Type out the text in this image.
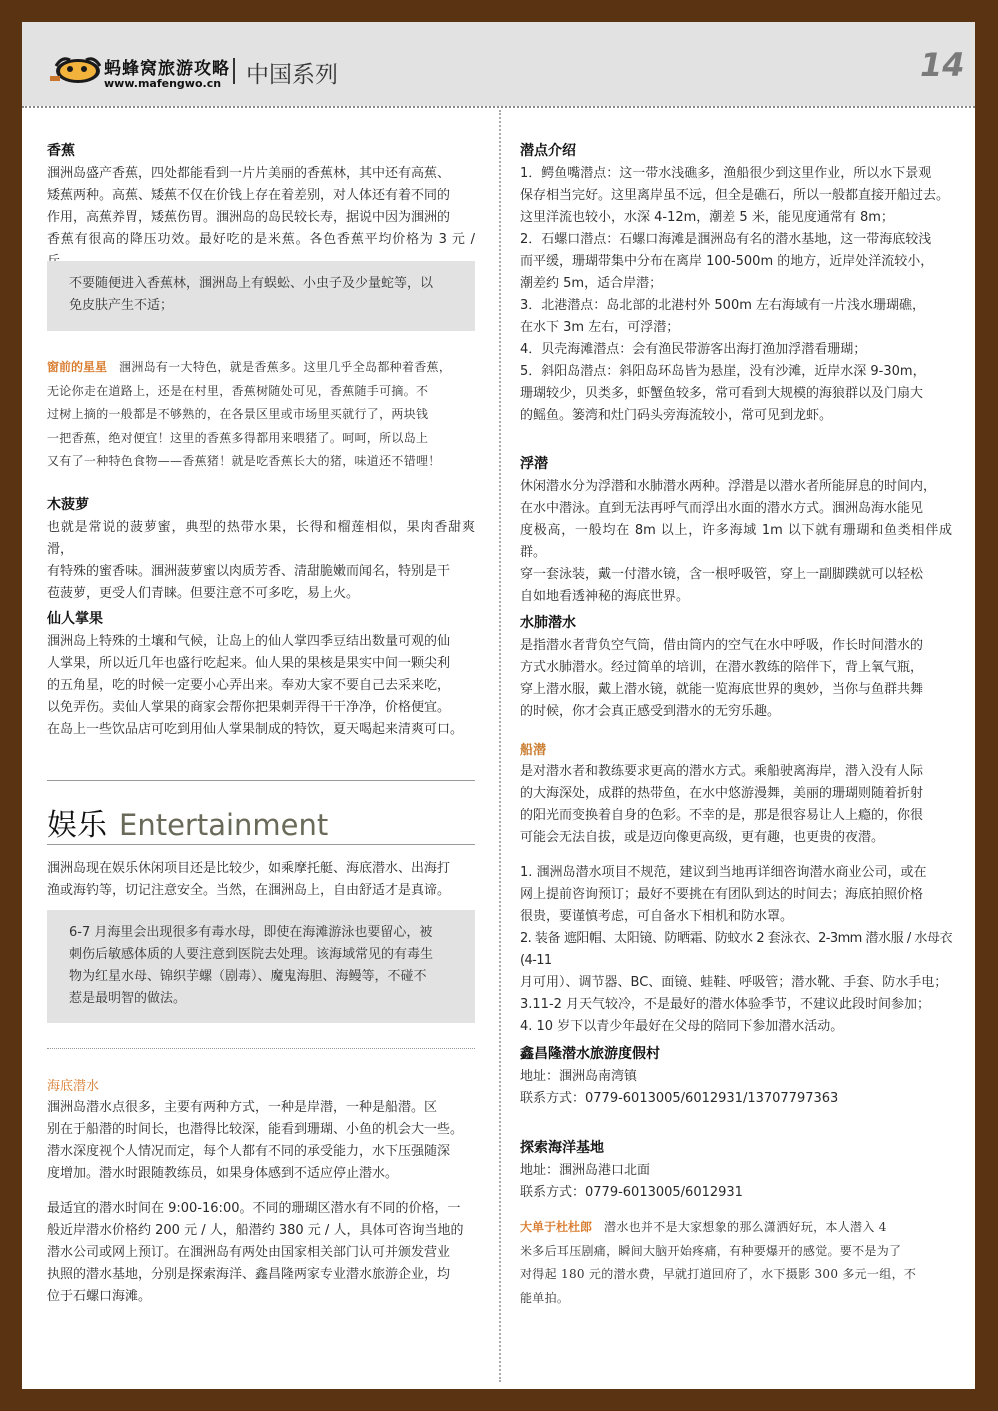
蚂蜂窝旅游攻略
www.mafengwo.cn 中国系列	14
香蕉
涠洲岛盛产香蕉，四处都能看到一片片美丽的香蕉林，其中还有高蕉、
矮蕉两种。高蕉、矮蕉不仅在价钱上存在着差别，对人体还有着不同的
作用，高蕉养胃，矮蕉伤胃。涠洲岛的岛民较长寿，据说中因为涠洲的
香蕉有很高的降压功效。最好吃的是米蕉。各色香蕉平均价格为 3 元 /
不要随便进入香蕉林，涠洲岛上有蜈蚣、小虫子及少量蛇等，以
免皮肤产生不适；
窗前的星星 涠洲岛有一大特色，就是香蕉多。这里几乎全岛都种着香蕉，
无论你走在道路上，还是在村里，香蕉树随处可见，香蕉随手可摘。不
过树上摘的一般都是不够熟的，在各景区里或市场里买就行了，两块钱
一把香蕉，绝对便宜！这里的香蕉多得都用来喂猪了。呵呵，所以岛上
又有了一种特色食物——香蕉猪！就是吃香蕉长大的猪，味道还不错哩！
木菠萝
也就是常说的菠萝蜜，典型的热带水果，长得和榴莲相似，果肉香甜爽滑，
有特殊的蜜香味。涠洲菠萝蜜以肉质芳香、清甜脆嫩而闻名，特别是干
苞菠萝，更受人们青睐。但要注意不可多吃，易上火。
仙人掌果
涠洲岛上特殊的土壤和气候，让岛上的仙人掌四季豆结出数量可观的仙
人掌果，所以近几年也盛行吃起来。仙人果的果核是果实中间一颗尖利
的五角星，吃的时候一定要小心弄出来。奉劝大家不要自己去采来吃，
以免弄伤。卖仙人掌果的商家会帮你把果刺弄得干干净净，价格便宜。
在岛上一些饮品店可吃到用仙人掌果制成的特饮，夏天喝起来清爽可口。
娱乐 Entertainment
涠洲岛现在娱乐休闲项目还是比较少，如乘摩托艇、海底潜水、出海打
渔或海钓等，切记注意安全。当然，在涠洲岛上，自由舒适才是真谛。
6-7 月海里会出现很多有毒水母，即使在海滩游泳也要留心，被
刺伤后敏感体质的人要注意到医院去处理。该海域常见的有毒生
物为红星水母、锦织芋螺（剧毒）、魔鬼海胆、海鳗等，不碰不
惹是最明智的做法。
海底潜水
涠洲岛潜水点很多，主要有两种方式，一种是岸潜，一种是船潜。区
别在于船潜的时间长，也潜得比较深，能看到珊瑚、小鱼的机会大一些。
潜水深度视个人情况而定，每个人都有不同的承受能力，水下压强随深
度增加。潜水时跟随教练员，如果身体感到不适应停止潜水。
最适宜的潜水时间在 9:00-16:00。不同的珊瑚区潜水有不同的价格，一
般近岸潜水价格约 200 元 / 人，船潜约 380 元 / 人，具体可咨询当地的
潜水公司或网上预订。在涠洲岛有两处由国家相关部门认可并颁发营业
执照的潜水基地，分别是探索海洋、鑫昌隆两家专业潜水旅游企业，均
位于石螺口海滩。
潜点介绍
1．鳄鱼嘴潜点：这一带水浅礁多，渔船很少到这里作业，所以水下景观
保存相当完好。这里离岸虽不远，但全是礁石，所以一般都直接开船过去。
这里洋流也较小，水深 4-12m，潮差 5 米，能见度通常有 8m；
2．石螺口潜点：石螺口海滩是涠洲岛有名的潜水基地，这一带海底较浅
而平缓，珊瑚带集中分布在离岸 100-500m 的地方，近岸处洋流较小，
潮差约 5m，适合岸潜；
3．北港潜点：岛北部的北港村外 500m 左右海域有一片浅水珊瑚礁，
在水下 3m 左右，可浮潜；
4．贝壳海滩潜点：会有渔民带游客出海打渔加浮潜看珊瑚；
5．斜阳岛潜点：斜阳岛环岛皆为悬崖，没有沙滩，近岸水深 9-30m，
珊瑚较少，贝类多，虾蟹鱼较多，常可看到大规模的海狼群以及门扇大
的鳐鱼。篓湾和灶门码头旁海流较小，常可见到龙虾。
浮潜
休闲潜水分为浮潜和水肺潜水两种。浮潜是以潜水者所能屏息的时间内，
在水中潜泳。直到无法再呼气而浮出水面的潜水方式。涠洲岛海水能见
度极高，一般均在 8m 以上，许多海域 1m 以下就有珊瑚和鱼类相伴成群。
穿一套泳装，戴一付潜水镜，含一根呼吸管，穿上一副脚蹼就可以轻松
自如地看透神秘的海底世界。
水肺潜水
是指潜水者背负空气筒，借由筒内的空气在水中呼吸，作长时间潜水的
方式水肺潜水。经过简单的培训，在潜水教练的陪伴下，背上氧气瓶，
穿上潜水服，戴上潜水镜，就能一览海底世界的奥妙，当你与鱼群共舞
的时候，你才会真正感受到潜水的无穷乐趣。
船潜
是对潜水者和教练要求更高的潜水方式。乘船驶离海岸，潜入没有人际
的大海深处，成群的热带鱼，在水中悠游漫舞，美丽的珊瑚则随着折射
的阳光而变换着自身的色彩。不幸的是，那是很容易让人上瘾的，你很
可能会无法自拔，或是迈向像更高级，更有趣，也更贵的夜潜。
1. 涠洲岛潜水项目不规范，建议到当地再详细咨询潜水商业公司，或在
网上提前咨询预订；最好不要挑在有团队到达的时间去；海底拍照价格
很贵，要谨慎考虑，可自备水下相机和防水罩。
2. 装备 遮阳帽、太阳镜、防晒霜、防蚊水 2 套泳衣、2-3mm 潜水服 / 水母衣 (4-11
月可用）、调节器、BC、面镜、蛙鞋、呼吸管；潜水靴、手套、防水手电；
3.11-2 月天气较冷，不是最好的潜水体验季节，不建议此段时间参加；
4. 10 岁下以青少年最好在父母的陪同下参加潜水活动。
鑫昌隆潜水旅游度假村
地址：涠洲岛南湾镇
联系方式：0779-6013005/6012931/13707797363
探索海洋基地
地址：涠洲岛港口北面
联系方式：0779-6013005/6012931
大单于杜杜郎 潜水也并不是大家想象的那么潇洒好玩，本人潜入 4
米多后耳压剧痛，瞬间大脑开始疼痛，有种要爆开的感觉。要不是为了
对得起 180 元的潜水费，早就打道回府了，水下摄影 300 多元一组，不
能单拍。
